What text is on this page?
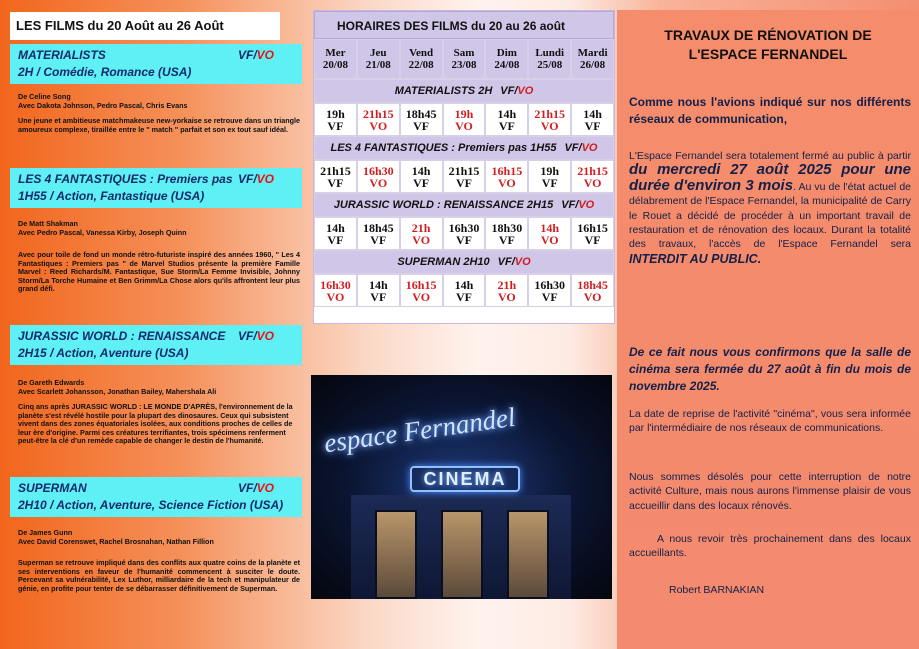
LES FILMS du 20 Août au 26 Août
MATERIALISTS	VF/VO
2H / Comédie, Romance (USA)
De Celine Song
Avec Dakota Johnson, Pedro Pascal, Chris Evans
Une jeune et ambitieuse matchmakeuse new-yorkaise se retrouve dans un triangle amoureux complexe, tiraillée entre le " match " parfait et son ex tout sauf idéal.
LES 4 FANTASTIQUES : Premiers pas VF/VO
1H55 / Action, Fantastique (USA)
De Matt Shakman
Avec Pedro Pascal, Vanessa Kirby, Joseph Quinn
Avec pour toile de fond un monde rétro-futuriste inspiré des années 1960, " Les 4 Fantastiques : Premiers pas " de Marvel Studios présente la première Famille Marvel : Reed Richards/M. Fantastique, Sue Storm/La Femme Invisible, Johnny Storm/La Torche Humaine et Ben Grimm/La Chose alors qu'ils affrontent leur plus grand défi.
JURASSIC WORLD : RENAISSANCE VF/VO
2H15 / Action, Aventure (USA)
De Gareth Edwards
Avec Scarlett Johansson, Jonathan Bailey, Mahershala Ali
Cinq ans après JURASSIC WORLD : LE MONDE D'APRÈS, l'environnement de la planète s'est révélé hostile pour la plupart des dinosaures. Ceux qui subsistent vivent dans des zones équatoriales isolées, aux conditions proches de celles de leur ère d'origine. Parmi ces créatures terrifiantes, trois spécimens renferment peut-être la clé d'un remède capable de changer le destin de l'humanité.
SUPERMAN	VF/VO
2H10 / Action, Aventure, Science Fiction (USA)
De James Gunn
Avec David Corenswet, Rachel Brosnahan, Nathan Fillion
Superman se retrouve impliqué dans des conflits aux quatre coins de la planète et ses interventions en faveur de l'humanité commencent à susciter le doute. Percevant sa vulnérabilité, Lex Luthor, milliardaire de la tech et manipulateur de génie, en profite pour tenter de se débarrasser définitivement de Superman.
HORAIRES DES FILMS du 20 au 26 août
Mer
20/08
Jeu
21/08
Vend
22/08
Sam
23/08
Dim
24/08
Lundi
25/08
Mardi
26/08
MATERIALISTS 2H VF/VO
19h
VF
21h15
VO
18h45
VF
19h
VO
14h
VF
21h15
VO
14h
VF
LES 4 FANTASTIQUES : Premiers pas 1H55 VF/VO
21h15
VF
16h30
VO
14h
VF
21h15
VF
16h15
VO
19h
VF
21h15
VO
JURASSIC WORLD : RENAISSANCE 2H15 VF/VO
14h
VF
18h45
VF
21h
VO
16h30
VF
18h30
VF
14h
VO
16h15
VF
SUPERMAN 2H10 VF/VO
16h30
VO
14h
VF
16h15
VO
14h
VF
21h
VO
16h30
VF
18h45
VO
espace Fernandel
CINEMA
TRAVAUX DE RÉNOVATION DE
L'ESPACE FERNANDEL
Comme nous l'avions indiqué sur nos différents réseaux de communication,
L'Espace Fernandel sera totalement fermé au public à partir du mercredi 27 août 2025 pour une durée d'environ 3 mois. Au vu de l'état actuel de délabrement de l'Espace Fernandel, la municipalité de Carry le Rouet a décidé de procéder à un important travail de restauration et de rénovation des locaux. Durant la totalité des travaux, l'accès de l'Espace Fernandel sera INTERDIT AU PUBLIC.
De ce fait nous vous confirmons que la salle de cinéma sera fermée du 27 août à fin du mois de novembre 2025.
La date de reprise de l'activité "cinéma", vous sera informée par l'intermédiaire de nos réseaux de communications.
Nous sommes désolés pour cette interruption de notre activité Culture, mais nous aurons l'immense plaisir de vous accueillir dans des locaux rénovés.
A nous revoir très prochainement dans des locaux accueillants.
Robert BARNAKIAN
